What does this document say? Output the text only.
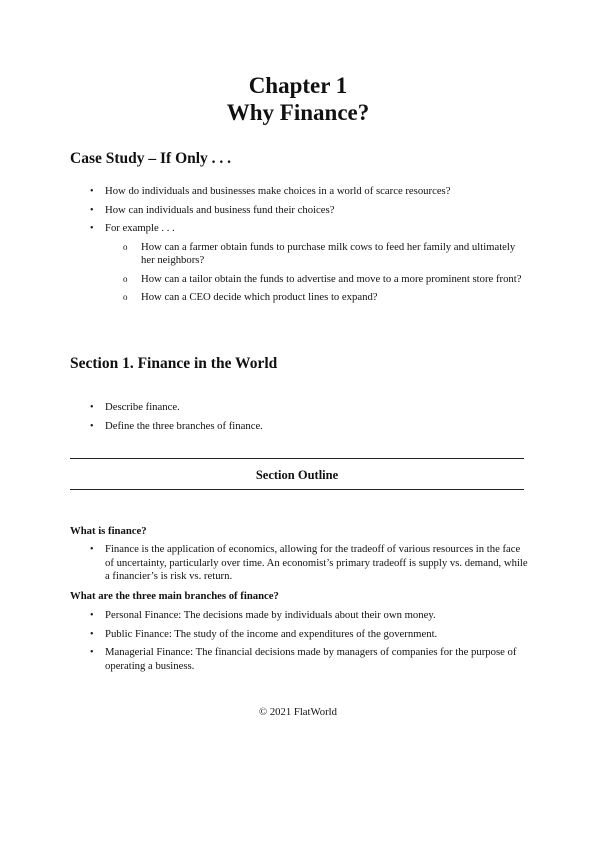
Chapter 1
Why Finance?
Case Study – If Only . . .
• How do individuals and businesses make choices in a world of scarce resources?
• How can individuals and business fund their choices?
• For example . . .
o How can a farmer obtain funds to purchase milk cows to feed her family and ultimately her neighbors?
o How can a tailor obtain the funds to advertise and move to a more prominent store front?
o How can a CEO decide which product lines to expand?
Section 1. Finance in the World
• Describe finance.
• Define the three branches of finance.
Section Outline

What is finance?

• Finance is the application of economics, allowing for the tradeoff of various resources in the face of uncertainty, particularly over time. An economist’s primary tradeoff is supply vs. demand, while a financier’s is risk vs. return.

What are the three main branches of finance?

• Personal Finance: The decisions made by individuals about their own money.
• Public Finance: The study of the income and expenditures of the government.
• Managerial Finance: The financial decisions made by managers of companies for the purpose of operating a business.
© 2021 FlatWorld
